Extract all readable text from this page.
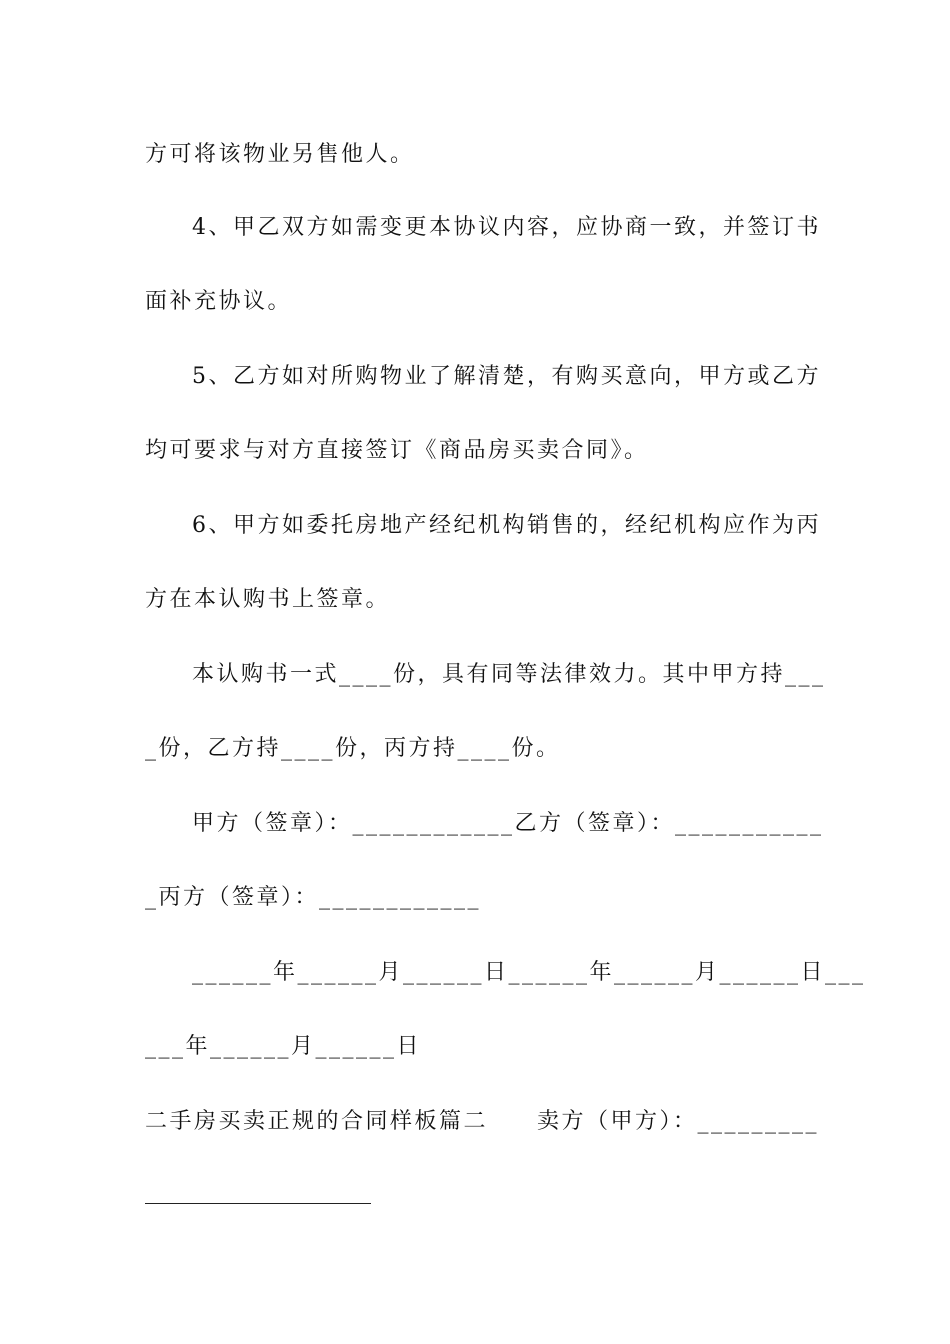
方可将该物业另售他人。
4、甲乙双方如需变更本协议内容，应协商一致，并签订书
面补充协议。
5、乙方如对所购物业了解清楚，有购买意向，甲方或乙方
均可要求与对方直接签订《商品房买卖合同》。
6、甲方如委托房地产经纪机构销售的，经纪机构应作为丙
方在本认购书上签章。
本认购书一式____份，具有同等法律效力。其中甲方持___
_份，乙方持____份，丙方持____份。
甲方（签章）：____________乙方（签章）：___________
_丙方（签章）：____________
______年______月______日______年______月______日___
___年______月______日
二手房买卖正规的合同样板篇二　　卖方（甲方）：_________
